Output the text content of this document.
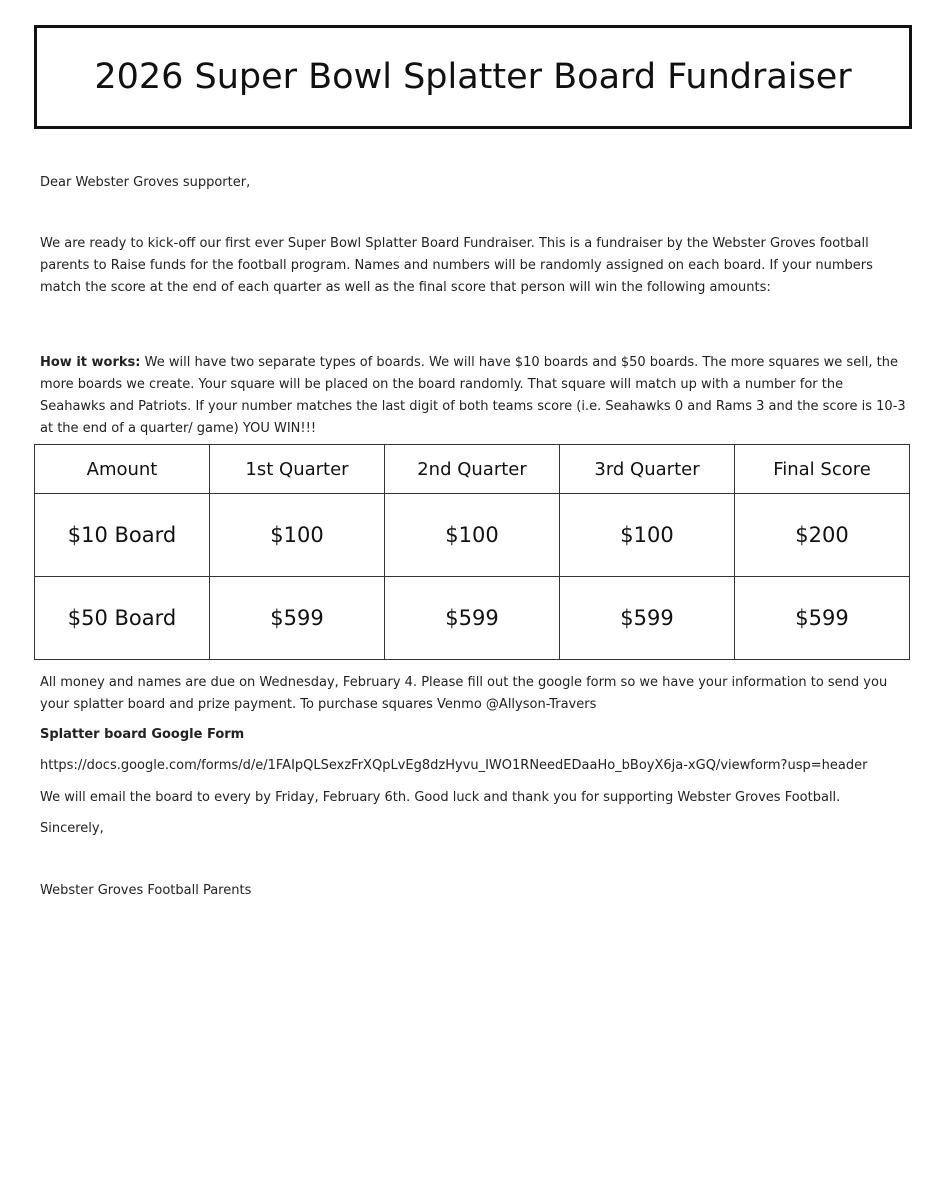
2026 Super Bowl Splatter Board Fundraiser

Dear Webster Groves supporter,

We are ready to kick-off our first ever Super Bowl Splatter Board Fundraiser. This is a fundraiser by the Webster Groves football parents to Raise funds for the football program. Names and numbers will be randomly assigned on each board. If your numbers match the score at the end of each quarter as well as the final score that person will win the following amounts:

How it works: We will have two separate types of boards. We will have $10 boards and $50 boards. The more squares we sell, the more boards we create. Your square will be placed on the board randomly. That square will match up with a number for the Seahawks and Patriots. If your number matches the last digit of both teams score (i.e. Seahawks 0 and Rams 3 and the score is 10-3 at the end of a quarter/ game) YOU WIN!!!

Amount	1st Quarter	2nd Quarter	3rd Quarter	Final Score
$10 Board	$100	$100	$100	$200
$50 Board	$599	$599	$599	$599

All money and names are due on Wednesday, February 4. Please fill out the google form so we have your information to send you your splatter board and prize payment. To purchase squares Venmo @Allyson-Travers

Splatter board Google Form

https://docs.google.com/forms/d/e/1FAIpQLSexzFrXQpLvEg8dzHyvu_IWO1RNeedEDaaHo_bBoyX6ja-xGQ/viewform?usp=header

We will email the board to every by Friday, February 6th. Good luck and thank you for supporting Webster Groves Football.

Sincerely,

Webster Groves Football Parents
